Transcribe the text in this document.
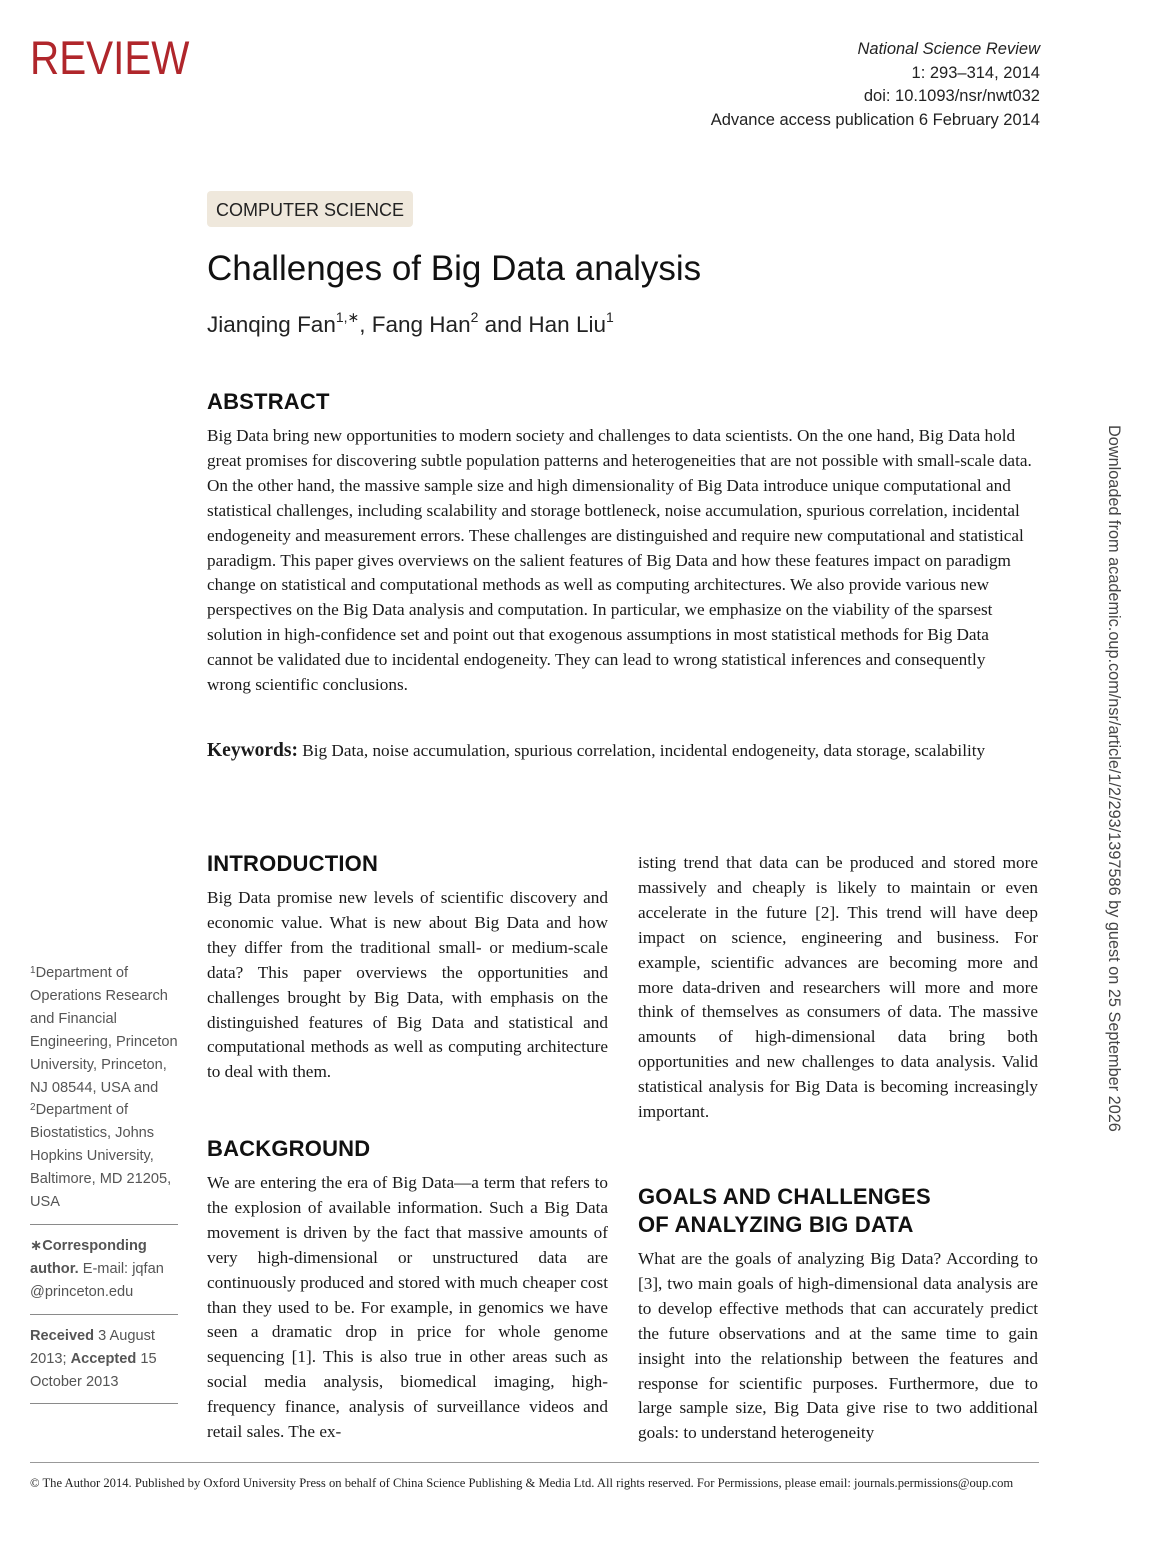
REVIEW	National Science Review
1: 293–314, 2014
doi: 10.1093/nsr/nwt032
Advance access publication 6 February 2014
COMPUTER SCIENCE
Challenges of Big Data analysis
Jianqing Fan$^{1,∗}$, Fang Han$^2$ and Han Liu$^1$
ABSTRACT

Big Data bring new opportunities to modern society and challenges to data scientists. On the one hand, Big Data hold great promises for discovering subtle population patterns and heterogeneities that are not possible with small-scale data. On the other hand, the massive sample size and high dimensionality of Big Data introduce unique computational and statistical challenges, including scalability and storage bottleneck, noise accumulation, spurious correlation, incidental endogeneity and measurement errors. These challenges are distinguished and require new computational and statistical paradigm. This paper gives overviews on the salient features of Big Data and how these features impact on paradigm change on statistical and computational methods as well as computing architectures. We also provide various new perspectives on the Big Data analysis and computation. In particular, we emphasize on the viability of the sparsest solution in high-confidence set and point out that exogenous assumptions in most statistical methods for Big Data cannot be validated due to incidental endogeneity. They can lead to wrong statistical inferences and consequently wrong scientific conclusions.

Keywords: Big Data, noise accumulation, spurious correlation, incidental endogeneity, data storage, scalability

INTRODUCTION

Big Data promise new levels of scientific discovery and economic value. What is new about Big Data and how they differ from the traditional small- or medium-scale data? This paper overviews the opportunities and challenges brought by Big Data, with emphasis on the distinguished features of Big Data and statistical and computational methods as well as computing architecture to deal with them.

BACKGROUND

We are entering the era of Big Data—a term that refers to the explosion of available information. Such a Big Data movement is driven by the fact that massive amounts of very high-dimensional or unstructured data are continuously produced and stored with much cheaper cost than they used to be. For example, in genomics we have seen a dramatic drop in price for whole genome sequencing [1]. This is also true in other areas such as social media analysis, biomedical imaging, high-frequency finance, analysis of surveillance videos and retail sales. The ex-

isting trend that data can be produced and stored more massively and cheaply is likely to maintain or even accelerate in the future [2]. This trend will have deep impact on science, engineering and business. For example, scientific advances are becoming more and more data-driven and researchers will more and more think of themselves as consumers of data. The massive amounts of high-dimensional data bring both opportunities and new challenges to data analysis. Valid statistical analysis for Big Data is becoming increasingly important.

GOALS AND CHALLENGES
OF ANALYZING BIG DATA

What are the goals of analyzing Big Data? According to [3], two main goals of high-dimensional data analysis are to develop effective methods that can accurately predict the future observations and at the same time to gain insight into the relationship between the features and response for scientific purposes. Furthermore, due to large sample size, Big Data give rise to two additional goals: to understand heterogeneity

$^1$Department of Operations Research and Financial Engineering, Princeton University, Princeton, NJ 08544, USA and $^2$Department of Biostatistics, Johns Hopkins University, Baltimore, MD 21205, USA
∗Corresponding author. E-mail: jqfan@princeton.edu
Received 3 August 2013; Accepted 15 October 2013
Downloaded from academic.oup.com/nsr/article/1/2/293/1397586 by guest on 25 September 2026

© The Author 2014. Published by Oxford University Press on behalf of China Science Publishing & Media Ltd. All rights reserved. For Permissions, please email: journals.permissions@oup.com
